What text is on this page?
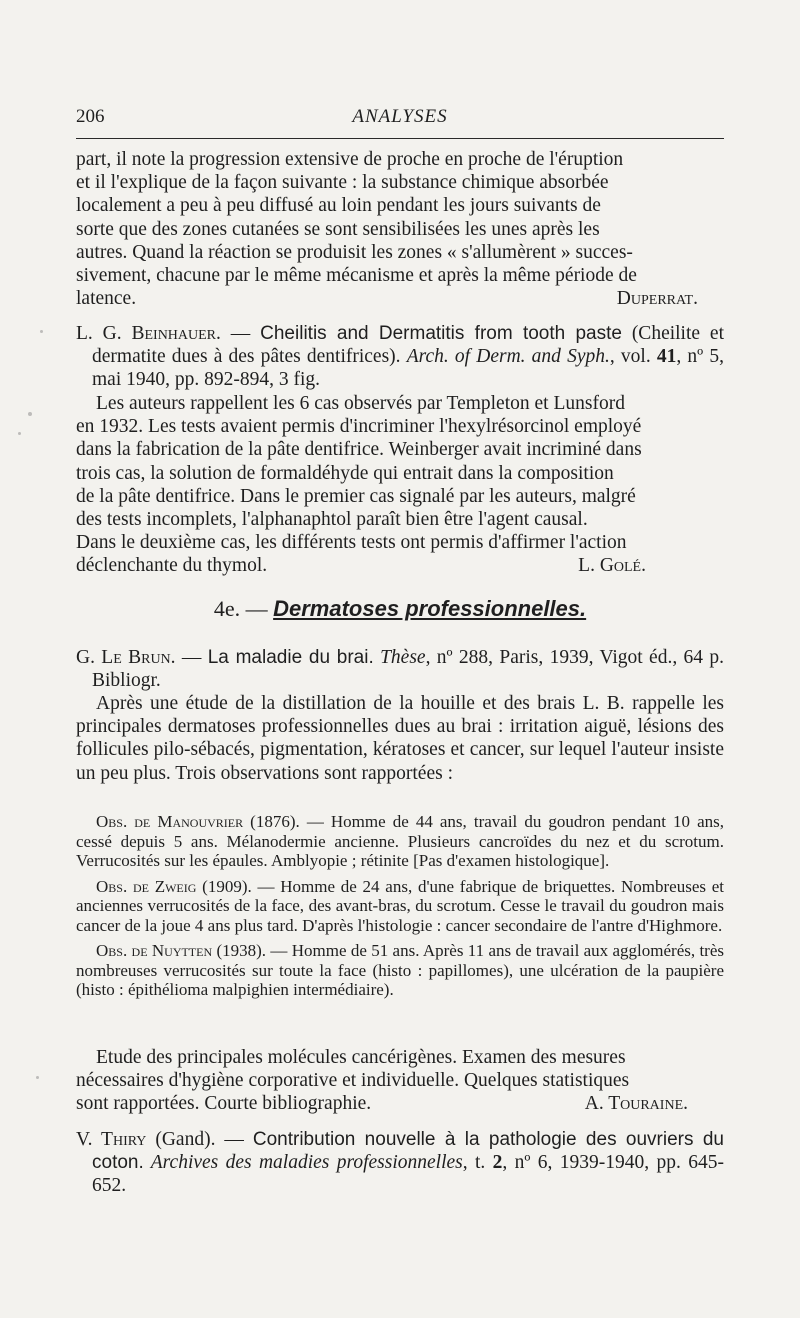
206	ANALYSES

part, il note la progression extensive de proche en proche de l'éruption

et il l'explique de la façon suivante : la substance chimique absorbée

localement a peu à peu diffusé au loin pendant les jours suivants de

sorte que des zones cutanées se sont sensibilisées les unes après les

autres. Quand la réaction se produisit les zones « s'allumèrent » succes-

sivement, chacune par le même mécanisme et après la même période de

latence.	Duperrat.

L. G. Beinhauer. — Cheilitis and Dermatitis from tooth paste (Cheilite et dermatite dues à des pâtes dentifrices). Arch. of Derm. and Syph., vol. 41, nº 5, mai 1940, pp. 892-894, 3 fig.

Les auteurs rappellent les 6 cas observés par Templeton et Lunsford

en 1932. Les tests avaient permis d'incriminer l'hexylrésorcinol employé

dans la fabrication de la pâte dentifrice. Weinberger avait incriminé dans

trois cas, la solution de formaldéhyde qui entrait dans la composition

de la pâte dentifrice. Dans le premier cas signalé par les auteurs, malgré

des tests incomplets, l'alphanaphtol paraît bien être l'agent causal.

Dans le deuxième cas, les différents tests ont permis d'affirmer l'action

déclenchante du thymol.	L. Golé.
4e. — Dermatoses professionnelles.

G. Le Brun. — La maladie du brai. Thèse, nº 288, Paris, 1939, Vigot éd., 64 p. Bibliogr.

Après une étude de la distillation de la houille et des brais L. B. rappelle les principales dermatoses professionnelles dues au brai : irritation aiguë, lésions des follicules pilo-sébacés, pigmentation, kératoses et cancer, sur lequel l'auteur insiste un peu plus. Trois observations sont rapportées :

Obs. de Manouvrier (1876). — Homme de 44 ans, travail du goudron pendant 10 ans, cessé depuis 5 ans. Mélanodermie ancienne. Plusieurs cancroïdes du nez et du scrotum. Verrucosités sur les épaules. Amblyopie ; rétinite [Pas d'examen histologique].

Obs. de Zweig (1909). — Homme de 24 ans, d'une fabrique de briquettes. Nombreuses et anciennes verrucosités de la face, des avant-bras, du scrotum. Cesse le travail du goudron mais cancer de la joue 4 ans plus tard. D'après l'histologie : cancer secondaire de l'antre d'Highmore.

Obs. de Nuytten (1938). — Homme de 51 ans. Après 11 ans de travail aux agglomérés, très nombreuses verrucosités sur toute la face (histo : papillomes), une ulcération de la paupière (histo : épithélioma malpighien intermédiaire).

Etude des principales molécules cancérigènes. Examen des mesures

nécessaires d'hygiène corporative et individuelle. Quelques statistiques

sont rapportées. Courte bibliographie.	A. Touraine.

V. Thiry (Gand). — Contribution nouvelle à la pathologie des ouvriers du coton. Archives des maladies professionnelles, t. 2, nº 6, 1939-1940, pp. 645-652.
